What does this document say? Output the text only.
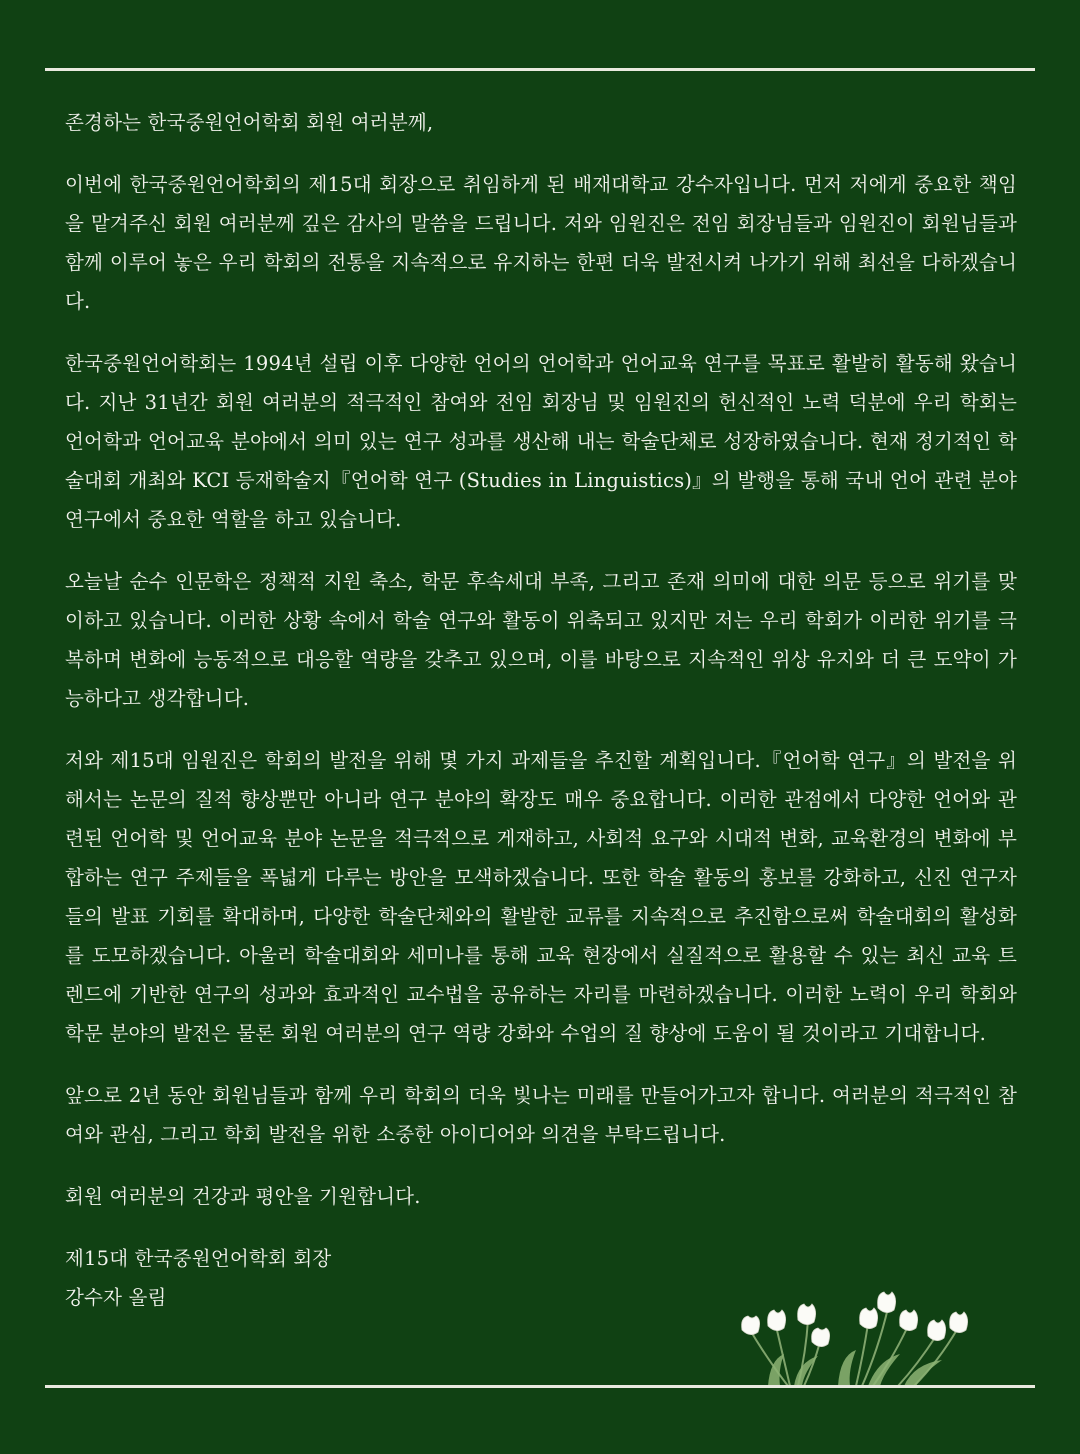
존경하는 한국중원언어학회 회원 여러분께,

이번에 한국중원언어학회의 제15대 회장으로 취임하게 된 배재대학교 강수자입니다. 먼저 저에게 중요한 책임을 맡겨주신 회원 여러분께 깊은 감사의 말씀을 드립니다. 저와 임원진은 전임 회장님들과 임원진이 회원님들과 함께 이루어 놓은 우리 학회의 전통을 지속적으로 유지하는 한편 더욱 발전시켜 나가기 위해 최선을 다하겠습니다.

한국중원언어학회는 1994년 설립 이후 다양한 언어의 언어학과 언어교육 연구를 목표로 활발히 활동해 왔습니다. 지난 31년간 회원 여러분의 적극적인 참여와 전임 회장님 및 임원진의 헌신적인 노력 덕분에 우리 학회는 언어학과 언어교육 분야에서 의미 있는 연구 성과를 생산해 내는 학술단체로 성장하였습니다. 현재 정기적인 학술대회 개최와 KCI 등재학술지『언어학 연구 (Studies in Linguistics)』의 발행을 통해 국내 언어 관련 분야 연구에서 중요한 역할을 하고 있습니다.

오늘날 순수 인문학은 정책적 지원 축소, 학문 후속세대 부족, 그리고 존재 의미에 대한 의문 등으로 위기를 맞이하고 있습니다. 이러한 상황 속에서 학술 연구와 활동이 위축되고 있지만 저는 우리 학회가 이러한 위기를 극복하며 변화에 능동적으로 대응할 역량을 갖추고 있으며, 이를 바탕으로 지속적인 위상 유지와 더 큰 도약이 가능하다고 생각합니다.

저와 제15대 임원진은 학회의 발전을 위해 몇 가지 과제들을 추진할 계획입니다.『언어학 연구』의 발전을 위해서는 논문의 질적 향상뿐만 아니라 연구 분야의 확장도 매우 중요합니다. 이러한 관점에서 다양한 언어와 관련된 언어학 및 언어교육 분야 논문을 적극적으로 게재하고, 사회적 요구와 시대적 변화, 교육환경의 변화에 부합하는 연구 주제들을 폭넓게 다루는 방안을 모색하겠습니다. 또한 학술 활동의 홍보를 강화하고, 신진 연구자들의 발표 기회를 확대하며, 다양한 학술단체와의 활발한 교류를 지속적으로 추진함으로써 학술대회의 활성화를 도모하겠습니다. 아울러 학술대회와 세미나를 통해 교육 현장에서 실질적으로 활용할 수 있는 최신 교육 트렌드에 기반한 연구의 성과와 효과적인 교수법을 공유하는 자리를 마련하겠습니다. 이러한 노력이 우리 학회와 학문 분야의 발전은 물론 회원 여러분의 연구 역량 강화와 수업의 질 향상에 도움이 될 것이라고 기대합니다.

앞으로 2년 동안 회원님들과 함께 우리 학회의 더욱 빛나는 미래를 만들어가고자 합니다. 여러분의 적극적인 참여와 관심, 그리고 학회 발전을 위한 소중한 아이디어와 의견을 부탁드립니다.

회원 여러분의 건강과 평안을 기원합니다.

제15대 한국중원언어학회 회장
강수자 올림
